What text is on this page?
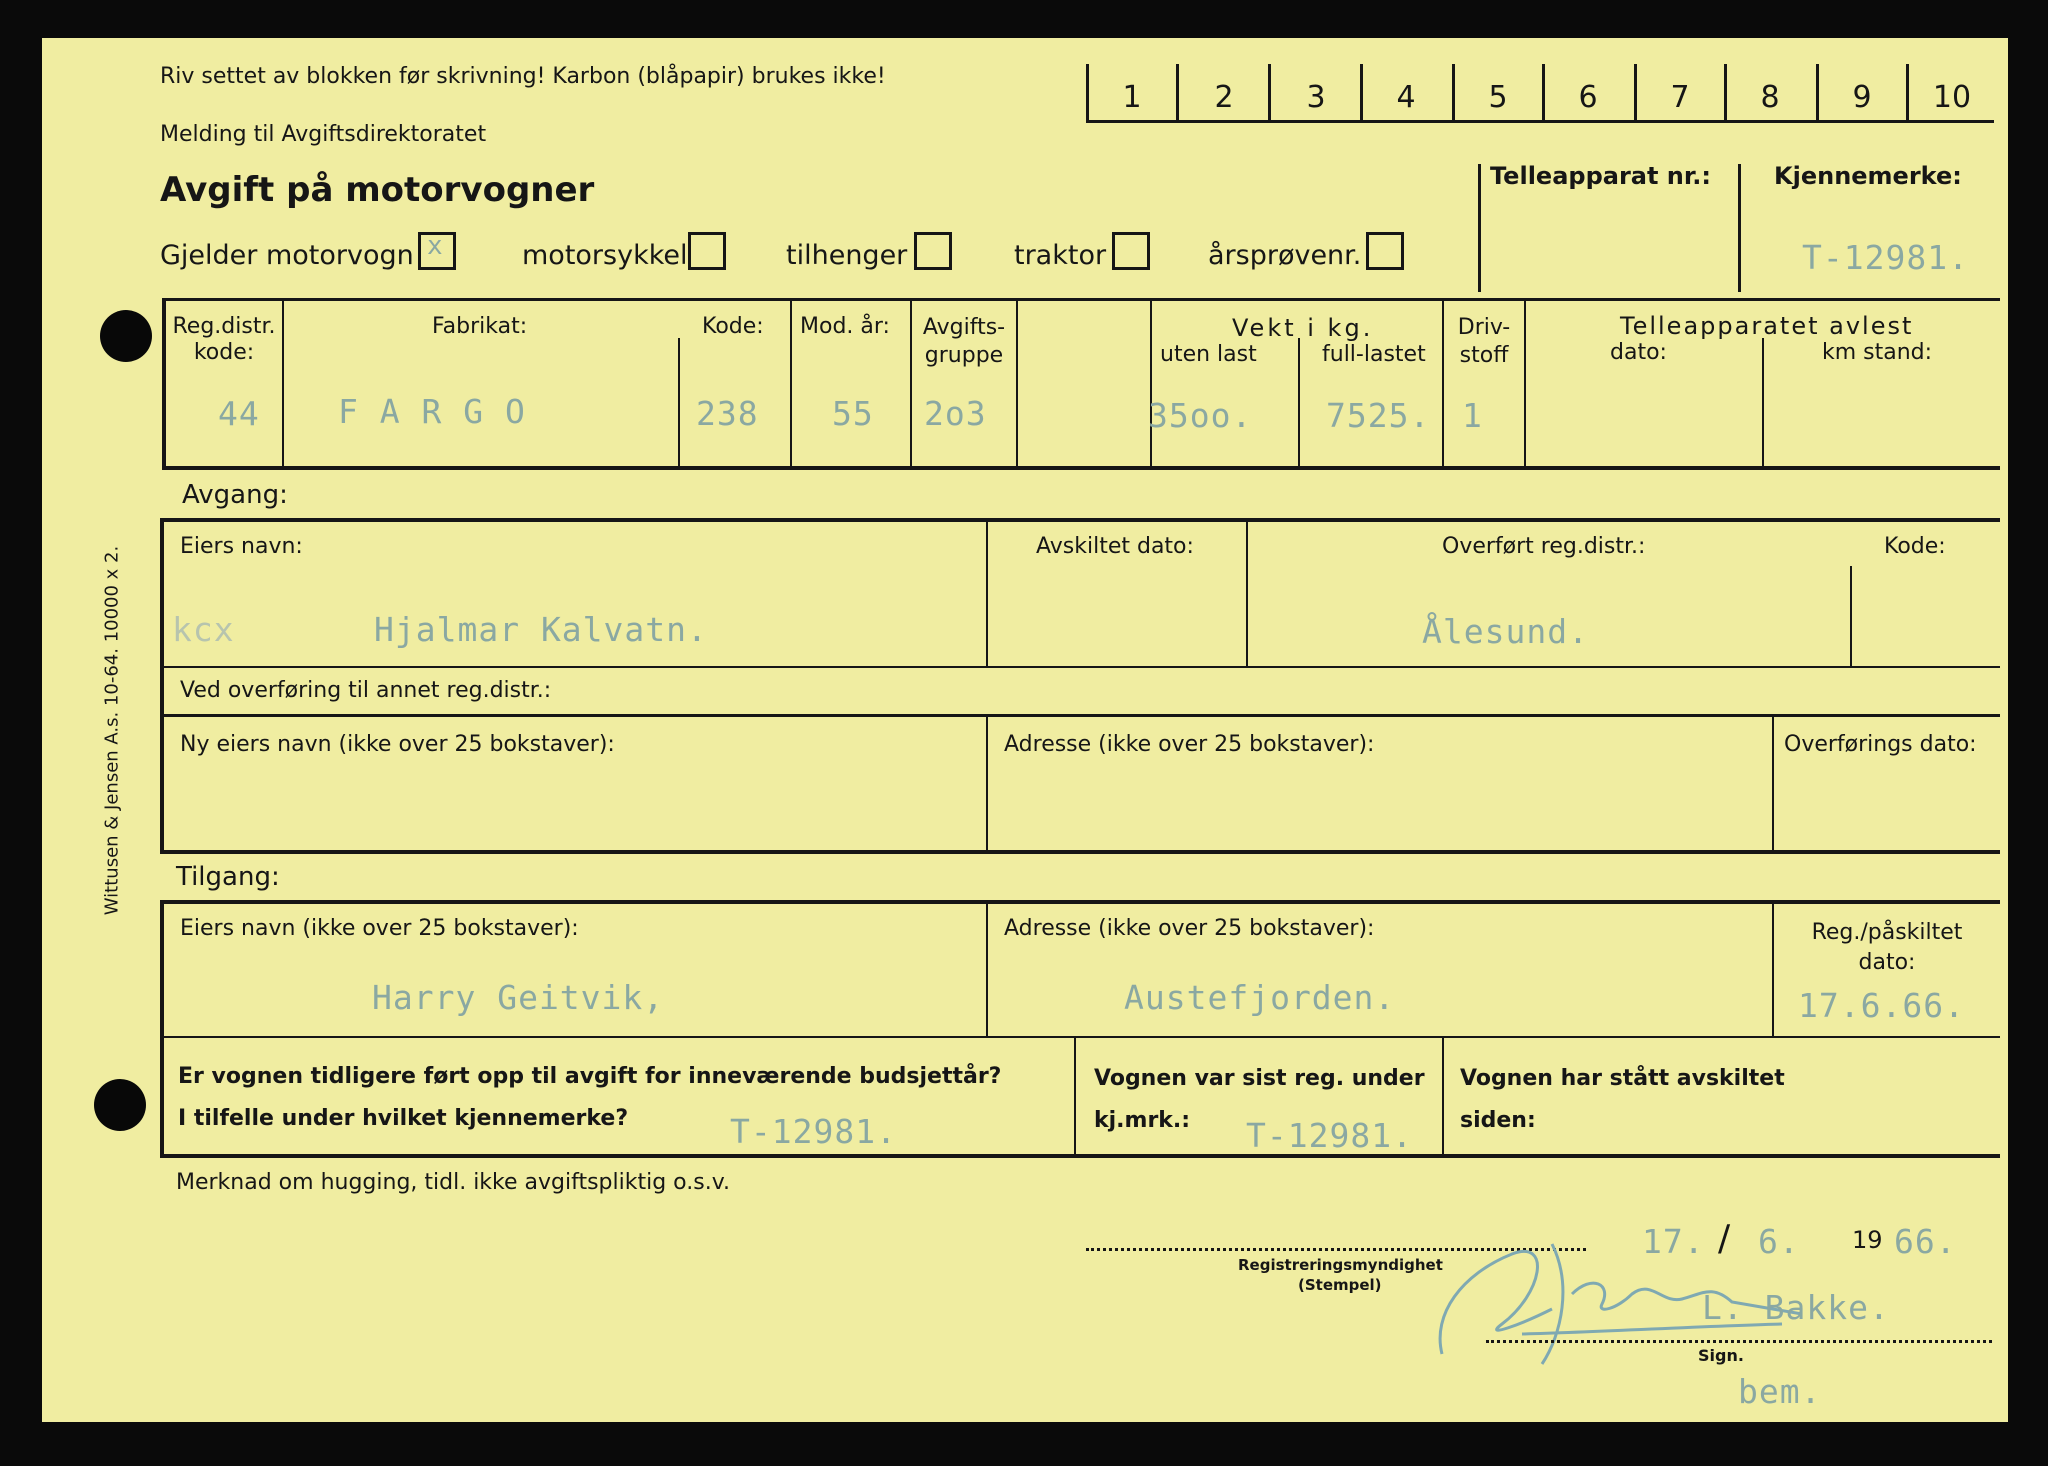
Wittusen & Jensen A.s. 10-64. 10000 x 2.
Riv settet av blokken før skrivning! Karbon (blåpapir) brukes ikke!
Melding til Avgiftsdirektoratet
Avgift på motorvogner
1	2	3	4	5	6	7	8	9	10
Telleapparat nr.:	Kjennemerke:
T-12981.
Gjelder motorvogn x	motorsykkel	tilhenger	traktor	årsprøvenr.
Reg.distr.
kode:
44
Fabrikat:
F A R G O
Kode:
238
Mod. år:
55
Avgifts-
gruppe
2o3
Vekt i kg.
uten last
35oo.
full-lastet
7525.
Driv-
stoff
1
Telleapparatet avlest
dato:	km stand:
Avgang:
Eiers navn:
kcx	Hjalmar Kalvatn.
Avskiltet dato:	Overført reg.distr.:
Ålesund.
Kode:
Ved overføring til annet reg.distr.:
Ny eiers navn (ikke over 25 bokstaver):	Adresse (ikke over 25 bokstaver):	Overførings dato:
Tilgang:
Eiers navn (ikke over 25 bokstaver):
Harry Geitvik,
Adresse (ikke over 25 bokstaver):
Austefjorden.
Reg./påskiltet
dato:
17.6.66.
Er vognen tidligere ført opp til avgift for inneværende budsjettår?
I tilfelle under hvilket kjennemerke?	T-12981.
Vognen var sist reg. under
kj.mrk.: T-12981.
Vognen har stått avskiltet
siden:
Merknad om hugging, tidl. ikke avgiftspliktig o.s.v.
Registreringsmyndighet
(Stempel)
17. / 6. 19 66.
L. Bakke.
Sign.
bem.
